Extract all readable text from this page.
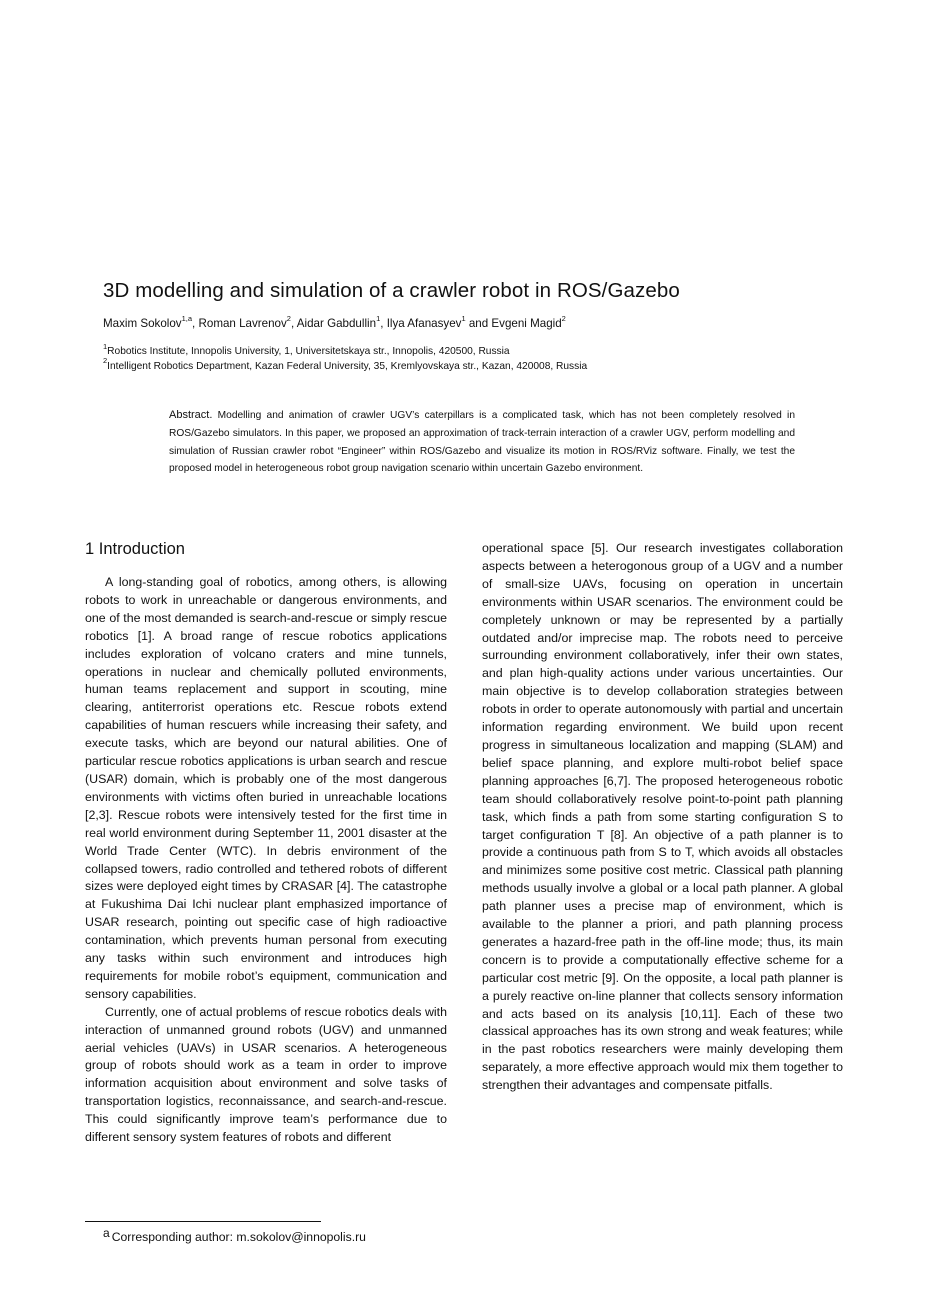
3D modelling and simulation of a crawler robot in ROS/Gazebo
Maxim Sokolov$^{1,a}$, Roman Lavrenov$^2$, Aidar Gabdullin$^1$, Ilya Afanasyev$^1$ and Evgeni Magid$^2$
$^1$Robotics Institute, Innopolis University, 1, Universitetskaya str., Innopolis, 420500, Russia
$^2$Intelligent Robotics Department, Kazan Federal University, 35, Kremlyovskaya str., Kazan, 420008, Russia
Abstract. Modelling and animation of crawler UGV’s caterpillars is a complicated task, which has not been completely resolved in ROS/Gazebo simulators. In this paper, we proposed an approximation of track-terrain interaction of a crawler UGV, perform modelling and simulation of Russian crawler robot “Engineer” within ROS/Gazebo and visualize its motion in ROS/RViz software. Finally, we test the proposed model in heterogeneous robot group navigation scenario within uncertain Gazebo environment.
1 Introduction

A long-standing goal of robotics, among others, is allowing robots to work in unreachable or dangerous environments, and one of the most demanded is search-and-rescue or simply rescue robotics [1]. A broad range of rescue robotics applications includes exploration of volcano craters and mine tunnels, operations in nuclear and chemically polluted environments, human teams replacement and support in scouting, mine clearing, antiterrorist operations etc. Rescue robots extend capabilities of human rescuers while increasing their safety, and execute tasks, which are beyond our natural abilities. One of particular rescue robotics applications is urban search and rescue (USAR) domain, which is probably one of the most dangerous environments with victims often buried in unreachable locations [2,3]. Rescue robots were intensively tested for the first time in real world environment during September 11, 2001 disaster at the World Trade Center (WTC). In debris environment of the collapsed towers, radio controlled and tethered robots of different sizes were deployed eight times by CRASAR [4]. The catastrophe at Fukushima Dai Ichi nuclear plant emphasized importance of USAR research, pointing out specific case of high radioactive contamination, which prevents human personal from executing any tasks within such environment and introduces high requirements for mobile robot’s equipment, communication and sensory capabilities.

Currently, one of actual problems of rescue robotics deals with interaction of unmanned ground robots (UGV) and unmanned aerial vehicles (UAVs) in USAR scenarios. A heterogeneous group of robots should work as a team in order to improve information acquisition about environment and solve tasks of transportation logistics, reconnaissance, and search-and-rescue. This could significantly improve team’s performance due to different sensory system features of robots and different

operational space [5]. Our research investigates collaboration aspects between a heterogonous group of a UGV and a number of small-size UAVs, focusing on operation in uncertain environments within USAR scenarios. The environment could be completely unknown or may be represented by a partially outdated and/or imprecise map. The robots need to perceive surrounding environment collaboratively, infer their own states, and plan high-quality actions under various uncertainties. Our main objective is to develop collaboration strategies between robots in order to operate autonomously with partial and uncertain information regarding environment. We build upon recent progress in simultaneous localization and mapping (SLAM) and belief space planning, and explore multi-robot belief space planning approaches [6,7]. The proposed heterogeneous robotic team should collaboratively resolve point-to-point path planning task, which finds a path from some starting configuration S to target configuration T [8]. An objective of a path planner is to provide a continuous path from S to T, which avoids all obstacles and minimizes some positive cost metric. Classical path planning methods usually involve a global or a local path planner. A global path planner uses a precise map of environment, which is available to the planner a priori, and path planning process generates a hazard-free path in the off-line mode; thus, its main concern is to provide a computationally effective scheme for a particular cost metric [9]. On the opposite, a local path planner is a purely reactive on-line planner that collects sensory information and acts based on its analysis [10,11]. Each of these two classical approaches has its own strong and weak features; while in the past robotics researchers were mainly developing them separately, a more effective approach would mix them together to strengthen their advantages and compensate pitfalls.

a Corresponding author: m.sokolov@innopolis.ru
